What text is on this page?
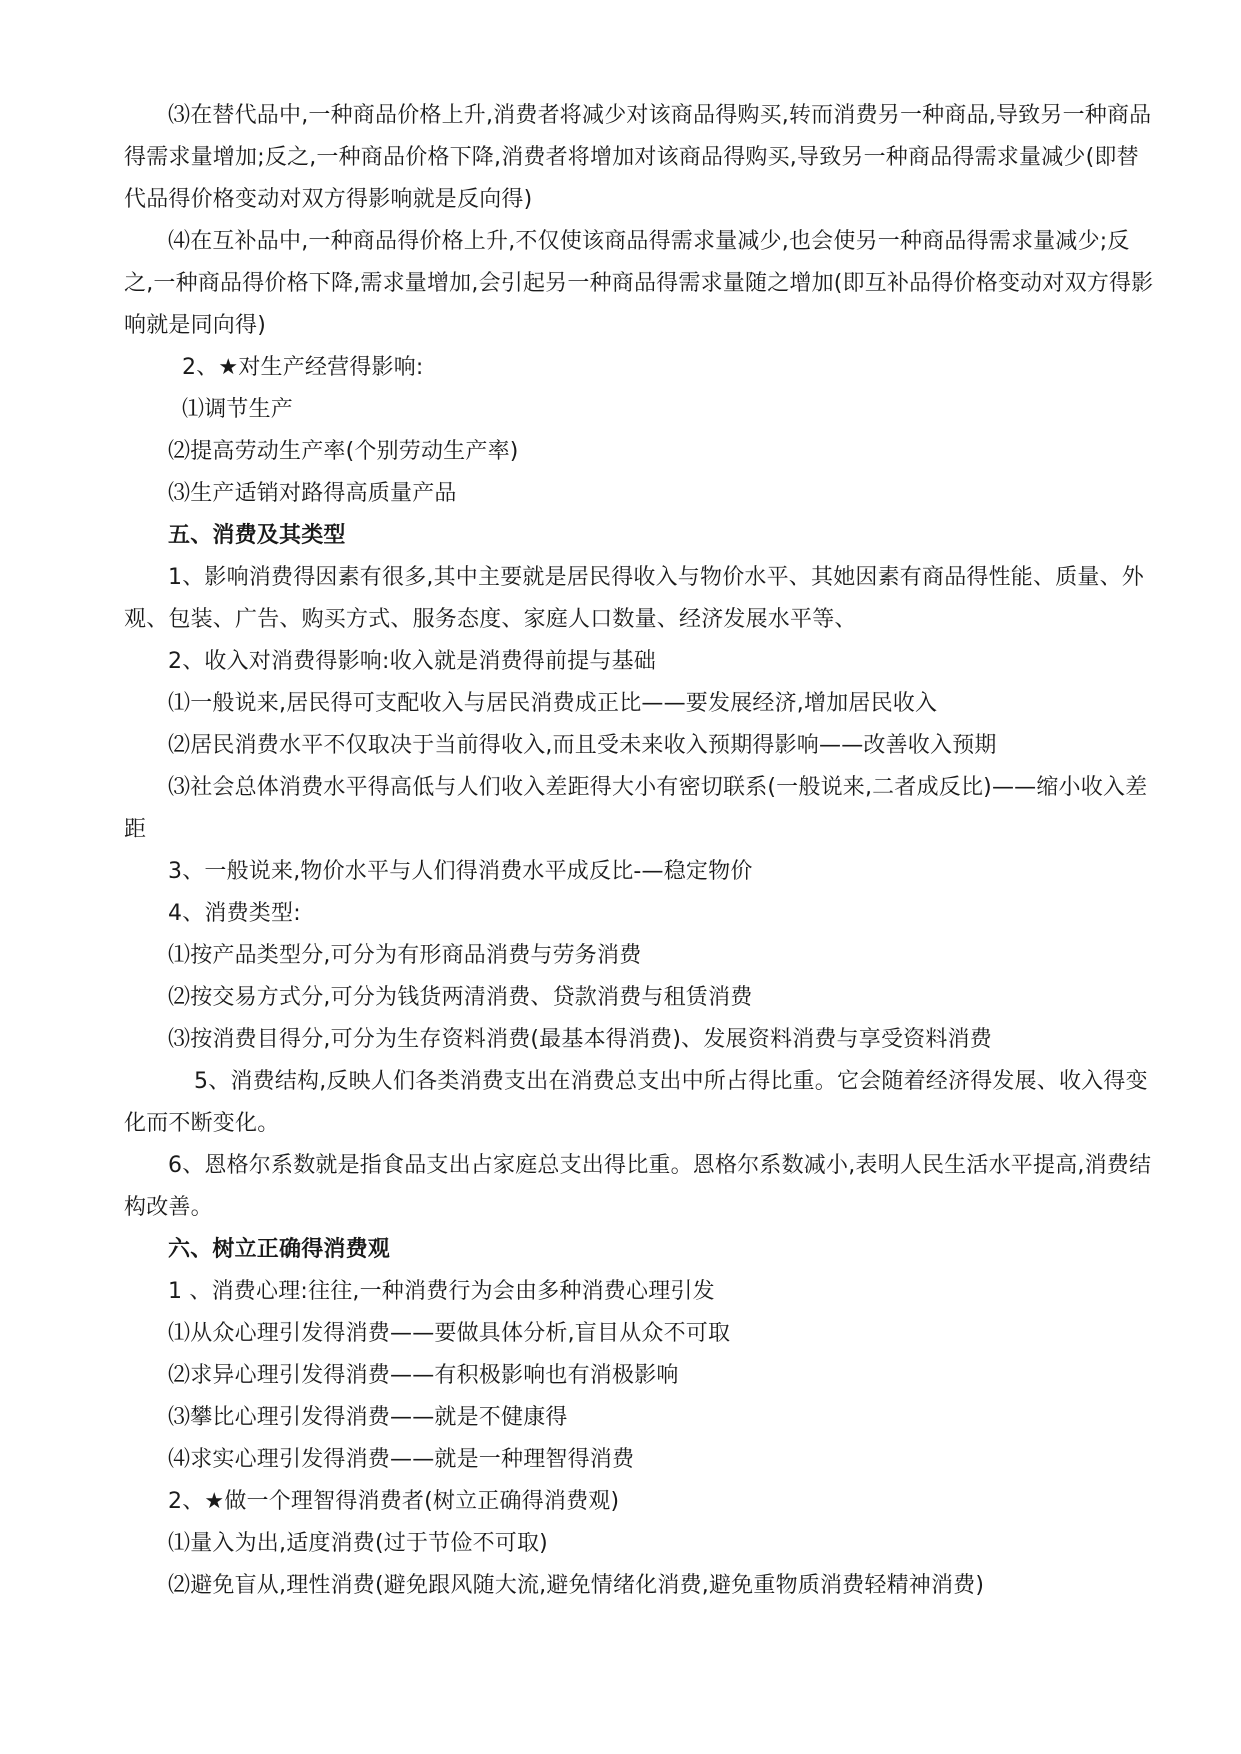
⑶在替代品中,一种商品价格上升,消费者将减少对该商品得购买,转而消费另一种商品,导致另一种商品得需求量增加;反之,一种商品价格下降,消费者将增加对该商品得购买,导致另一种商品得需求量减少(即替代品得价格变动对双方得影响就是反向得)

⑷在互补品中,一种商品得价格上升,不仅使该商品得需求量减少,也会使另一种商品得需求量减少;反之,一种商品得价格下降,需求量增加,会引起另一种商品得需求量随之增加(即互补品得价格变动对双方得影响就是同向得)

2、★对生产经营得影响:

⑴调节生产

⑵提高劳动生产率(个别劳动生产率)

⑶生产适销对路得高质量产品

五、消费及其类型

1、影响消费得因素有很多,其中主要就是居民得收入与物价水平、其她因素有商品得性能、质量、外观、包装、广告、购买方式、服务态度、家庭人口数量、经济发展水平等、

2、收入对消费得影响:收入就是消费得前提与基础

⑴一般说来,居民得可支配收入与居民消费成正比——要发展经济,增加居民收入

⑵居民消费水平不仅取决于当前得收入,而且受未来收入预期得影响——改善收入预期

⑶社会总体消费水平得高低与人们收入差距得大小有密切联系(一般说来,二者成反比)——缩小收入差距

3、一般说来,物价水平与人们得消费水平成反比-—稳定物价

4、消费类型:

⑴按产品类型分,可分为有形商品消费与劳务消费

⑵按交易方式分,可分为钱货两清消费、贷款消费与租赁消费

⑶按消费目得分,可分为生存资料消费(最基本得消费)、发展资料消费与享受资料消费

5、消费结构,反映人们各类消费支出在消费总支出中所占得比重。它会随着经济得发展、收入得变化而不断变化。

6、恩格尔系数就是指食品支出占家庭总支出得比重。恩格尔系数减小,表明人民生活水平提高,消费结构改善。

六、树立正确得消费观

1 、消费心理:往往,一种消费行为会由多种消费心理引发

⑴从众心理引发得消费——要做具体分析,盲目从众不可取

⑵求异心理引发得消费——有积极影响也有消极影响

⑶攀比心理引发得消费——就是不健康得

⑷求实心理引发得消费——就是一种理智得消费

2、★做一个理智得消费者(树立正确得消费观)

⑴量入为出,适度消费(过于节俭不可取)

⑵避免盲从,理性消费(避免跟风随大流,避免情绪化消费,避免重物质消费轻精神消费)
